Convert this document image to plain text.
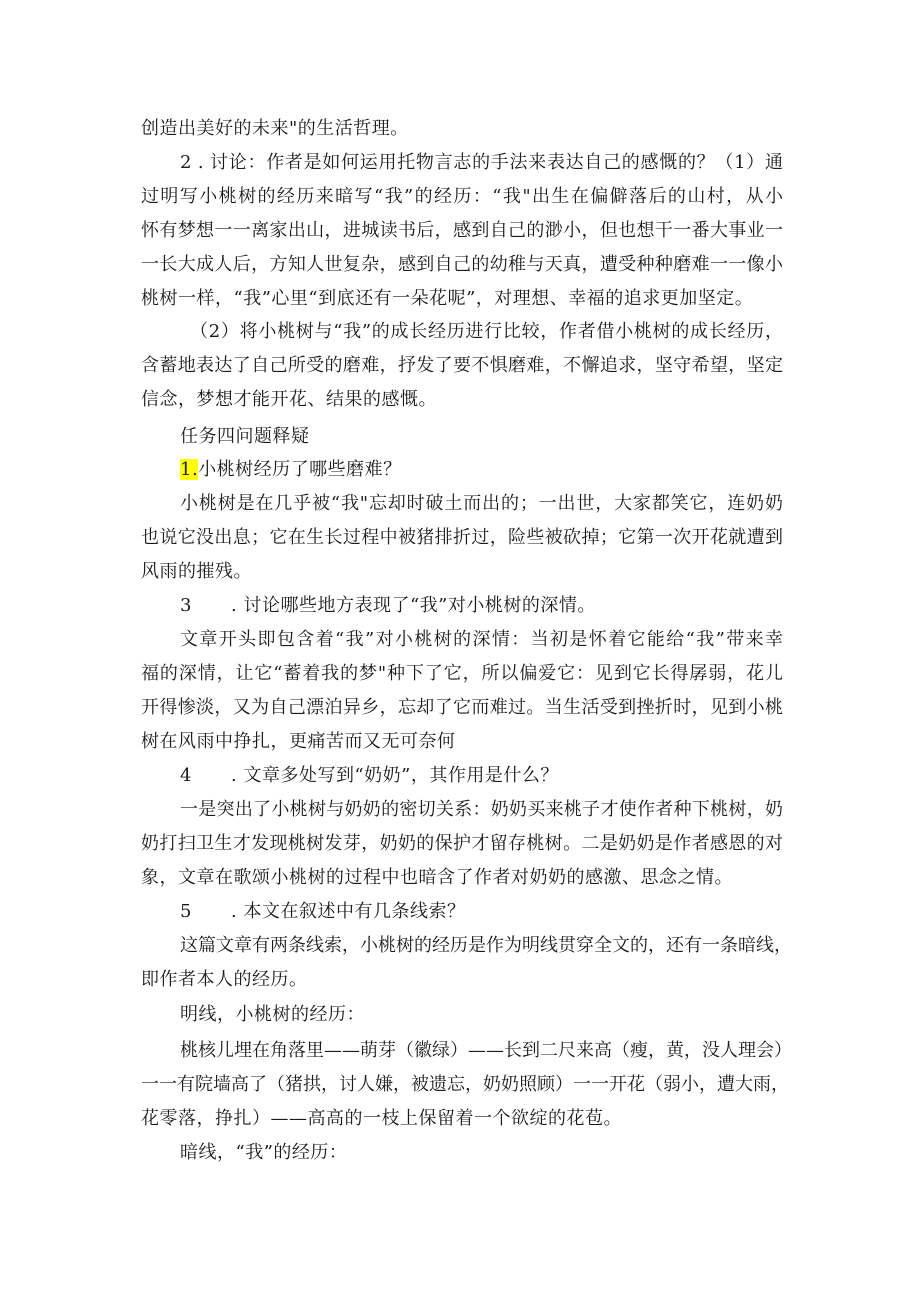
创造出美好的未来"的生活哲理。
2 . 讨论：作者是如何运用托物言志的手法来表达自己的感慨的？（1）通
过明写小桃树的经历来暗写“我”的经历：“我"出生在偏僻落后的山村，从小
怀有梦想一一离家出山，进城读书后，感到自己的渺小，但也想干一番大事业一
一长大成人后，方知人世复杂，感到自己的幼稚与天真，遭受种种磨难一一像小
桃树一样，“我”心里“到底还有一朵花呢”，对理想、幸福的追求更加坚定。
（2）将小桃树与“我”的成长经历进行比较，作者借小桃树的成长经历，
含蓄地表达了自己所受的磨难，抒发了要不惧磨难，不懈追求，坚守希望，坚定
信念，梦想才能开花、结果的感慨。
任务四问题释疑
1.小桃树经历了哪些磨难？
小桃树是在几乎被“我"忘却时破土而出的；一出世，大家都笑它，连奶奶
也说它没出息；它在生长过程中被猪排折过，险些被砍掉；它第一次开花就遭到
风雨的摧残。
3 . 讨论哪些地方表现了“我”对小桃树的深情。
文章开头即包含着“我”对小桃树的深情：当初是怀着它能给“我”带来幸
福的深情，让它“蓄着我的梦"种下了它，所以偏爱它：见到它长得孱弱，花儿
开得惨淡，又为自己漂泊异乡，忘却了它而难过。当生活受到挫折时，见到小桃
树在风雨中挣扎，更痛苦而又无可奈何
4 . 文章多处写到“奶奶”，其作用是什么？
一是突出了小桃树与奶奶的密切关系：奶奶买来桃子才使作者种下桃树，奶
奶打扫卫生才发现桃树发芽，奶奶的保护才留存桃树。二是奶奶是作者感恩的对
象，文章在歌颂小桃树的过程中也暗含了作者对奶奶的感激、思念之情。
5 . 本文在叙述中有几条线索？
这篇文章有两条线索，小桃树的经历是作为明线贯穿全文的，还有一条暗线，
即作者本人的经历。
明线，小桃树的经历：
桃核儿埋在角落里——萌芽（徽绿）——长到二尺来高（瘦，黄，没人理会）
一一有院墙高了（猪拱，讨人嫌，被遗忘，奶奶照顾）一一开花（弱小，遭大雨，
花零落，挣扎）——高高的一枝上保留着一个欲绽的花苞。
暗线，“我”的经历：
